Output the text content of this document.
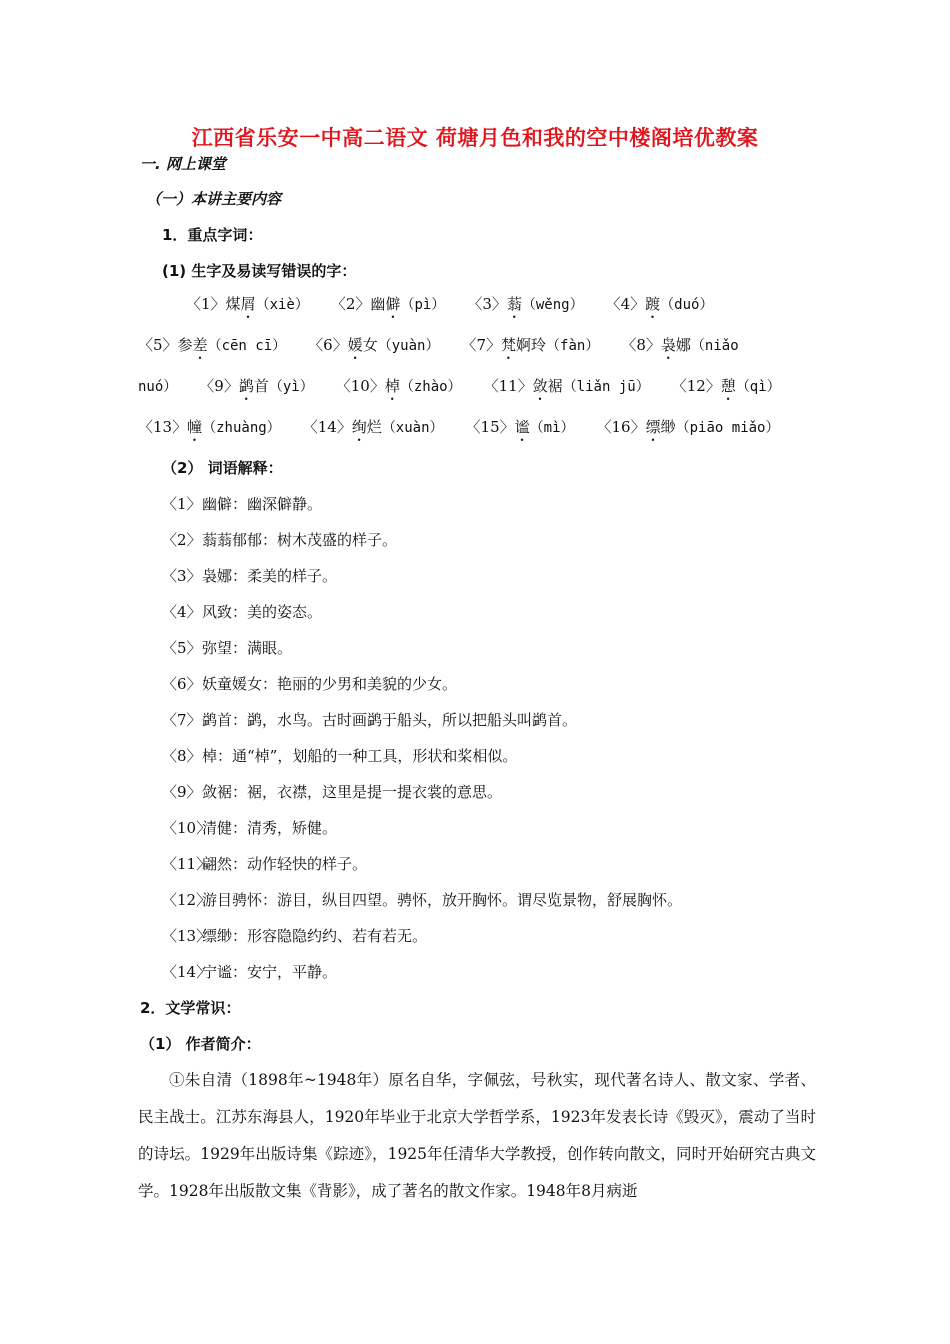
江西省乐安一中高二语文 荷塘月色和我的空中楼阁培优教案
一. 网上课堂
（一）本讲主要内容
1．重点字词：
(1) 生字及易读写错误的字：
〈1〉煤屑（xiè） 〈2〉幽僻（pì） 〈3〉蓊（wěng） 〈4〉踱（duó）
〈5〉参差（cēn cī） 〈6〉媛女（yuàn） 〈7〉梵婀玲（fàn） 〈8〉袅娜（niǎo
nuó） 〈9〉鹢首（yì） 〈10〉棹（zhào） 〈11〉敛裾（liǎn jū） 〈12〉憩（qì）
〈13〉幢（zhuàng） 〈14〉绚烂（xuàn） 〈15〉谧（mì） 〈16〉缥缈（piāo miǎo）
（2） 词语解释：
〈1〉幽僻：幽深僻静。
〈2〉蓊蓊郁郁：树木茂盛的样子。
〈3〉袅娜：柔美的样子。
〈4〉风致：美的姿态。
〈5〉弥望：满眼。
〈6〉妖童媛女：艳丽的少男和美貌的少女。
〈7〉鹢首：鹢，水鸟。古时画鹢于船头，所以把船头叫鹢首。
〈8〉棹：通“棹”，划船的一种工具，形状和桨相似。
〈9〉敛裾：裾，衣襟，这里是提一提衣裳的意思。
〈10〉清健：清秀，矫健。
〈11〉翩然：动作轻快的样子。
〈12〉游目骋怀：游目，纵目四望。骋怀，放开胸怀。谓尽览景物，舒展胸怀。
〈13〉缥缈：形容隐隐约约、若有若无。
〈14〉宁谧：安宁，平静。
2．文学常识：
（1） 作者简介：
①朱自清（1898年~1948年）原名自华，字佩弦，号秋实，现代著名诗人、散文家、学者、民主战士。江苏东海县人，1920年毕业于北京大学哲学系，1923年发表长诗《毁灭》，震动了当时的诗坛。1929年出版诗集《踪迹》，1925年任清华大学教授，创作转向散文，同时开始研究古典文学。1928年出版散文集《背影》，成了著名的散文作家。1948年8月病逝
